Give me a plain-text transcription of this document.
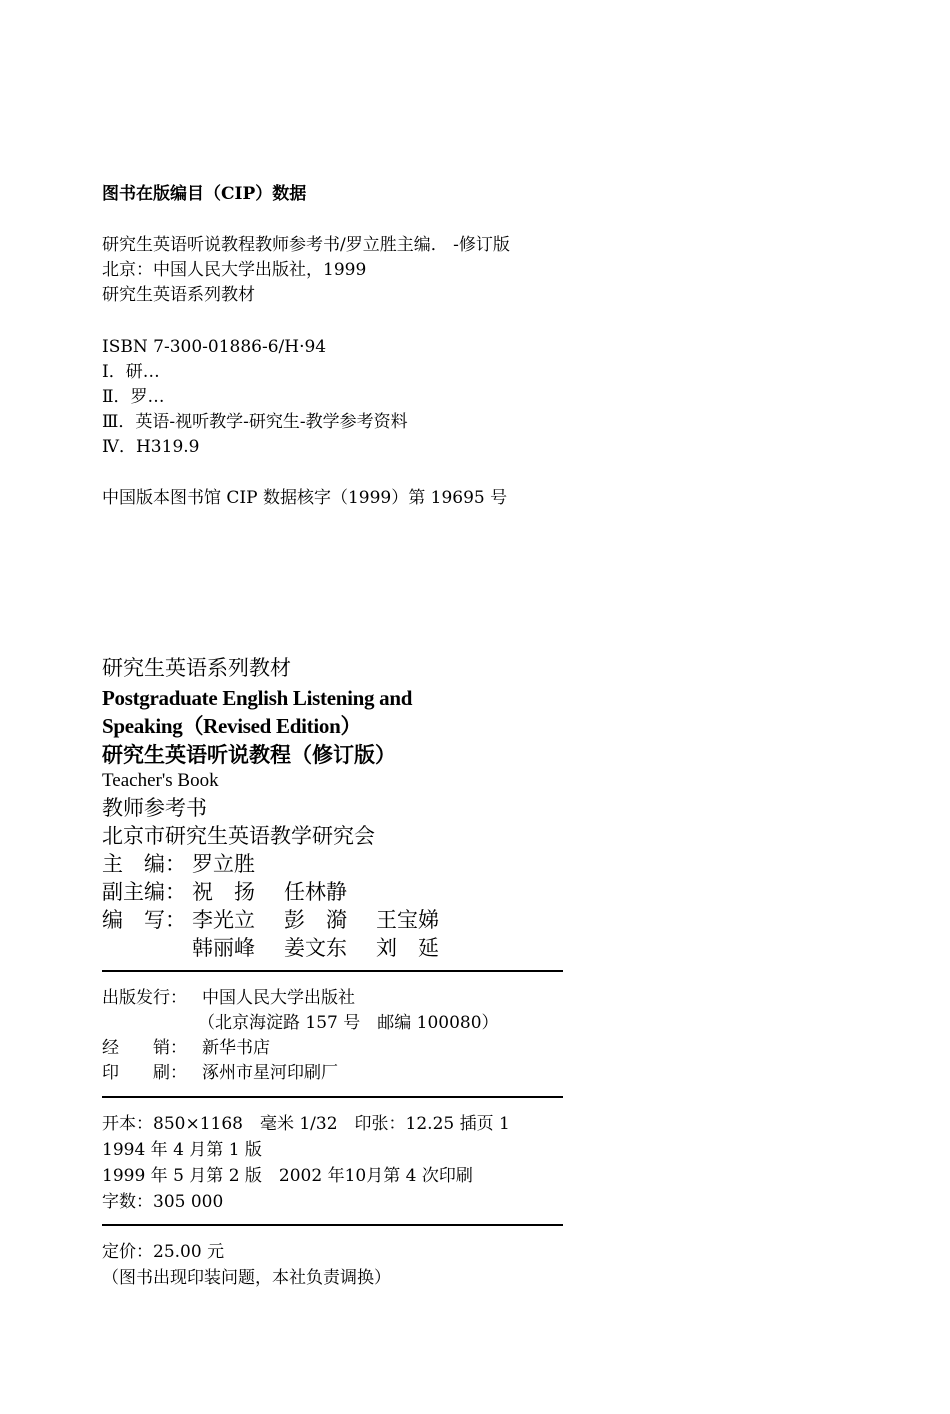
图书在版编目（CIP）数据
研究生英语听说教程教师参考书/罗立胜主编． -修订版
北京：中国人民大学出版社，1999
研究生英语系列教材
ISBN 7-300-01886-6/H·94
Ⅰ．研…
Ⅱ．罗…
Ⅲ．英语-视听教学-研究生-教学参考资料
Ⅳ．H319.9
中国版本图书馆 CIP 数据核字（1999）第 19695 号
研究生英语系列教材
Postgraduate English Listening and
Speaking（Revised Edition）
研究生英语听说教程（修订版）
Teacher's Book
教师参考书
北京市研究生英语教学研究会
主　编： 罗立胜
副主编： 祝　扬 任林静
编　写： 李光立 彭　漪 王宝娣
韩丽峰 姜文东 刘　延
出版发行： 中国人民大学出版社
（北京海淀路 157 号　邮编 100080）
经　　销： 新华书店
印　　刷： 涿州市星河印刷厂
开本：850×1168　毫米 1/32　印张：12.25 插页 1
1994 年 4 月第 1 版
1999 年 5 月第 2 版　2002 年10月第 4 次印刷
字数：305 000
定价：25.00 元
（图书出现印装问题，本社负责调换）
